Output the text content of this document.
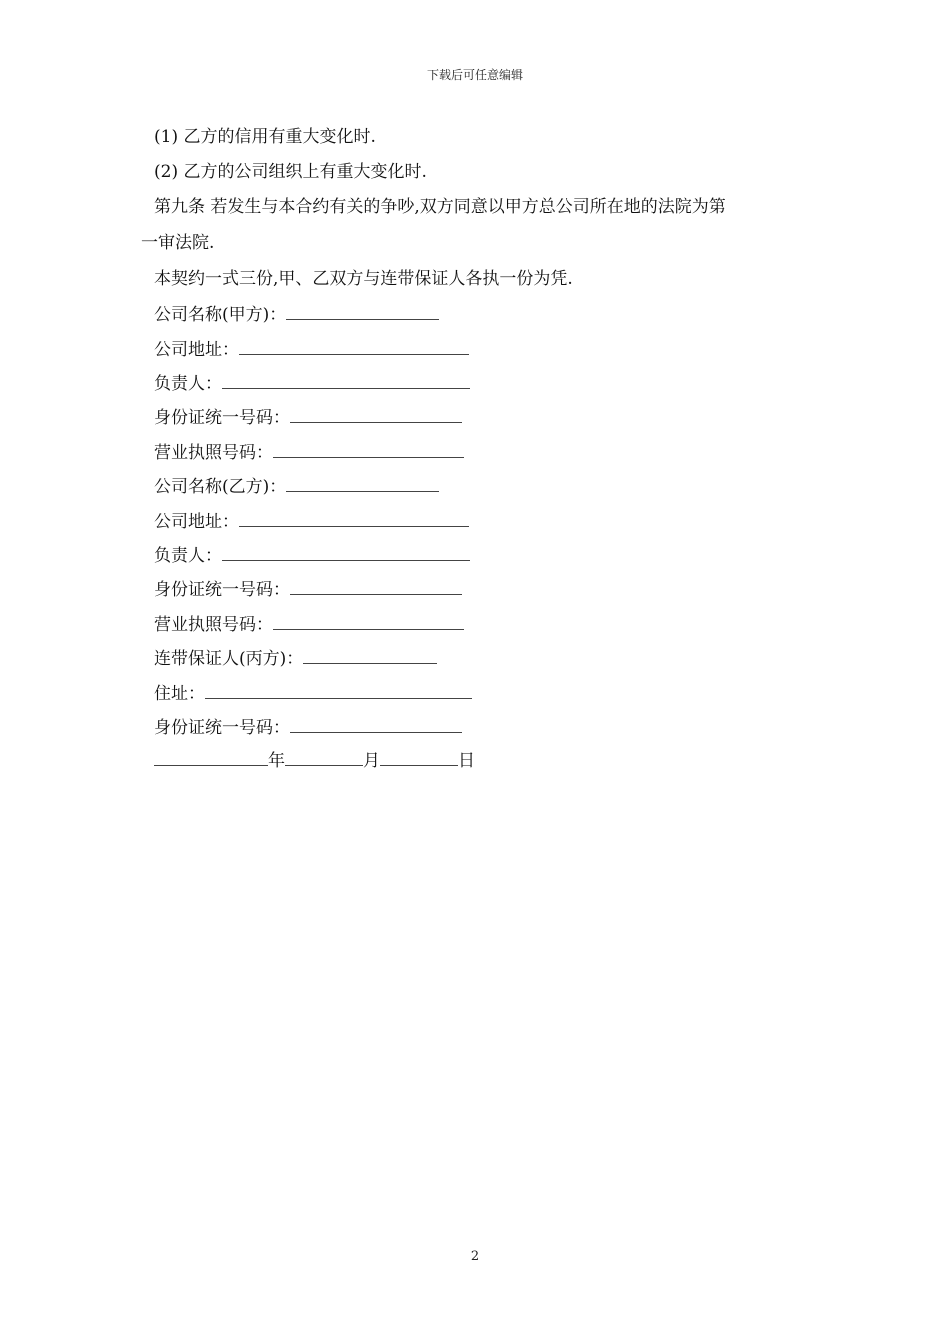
下载后可任意编辑
(1) 乙方的信用有重大变化时.
(2) 乙方的公司组织上有重大变化时.
第九条 若发生与本合约有关的争吵,双方同意以甲方总公司所在地的法院为第
一审法院.
本契约一式三份,甲、乙双方与连带保证人各执一份为凭.
公司名称(甲方)：
公司地址：
负责人：
身份证统一号码：
营业执照号码：
公司名称(乙方)：
公司地址：
负责人：
身份证统一号码：
营业执照号码：
连带保证人(丙方)：
住址：
身份证统一号码：
年	月	日
2
